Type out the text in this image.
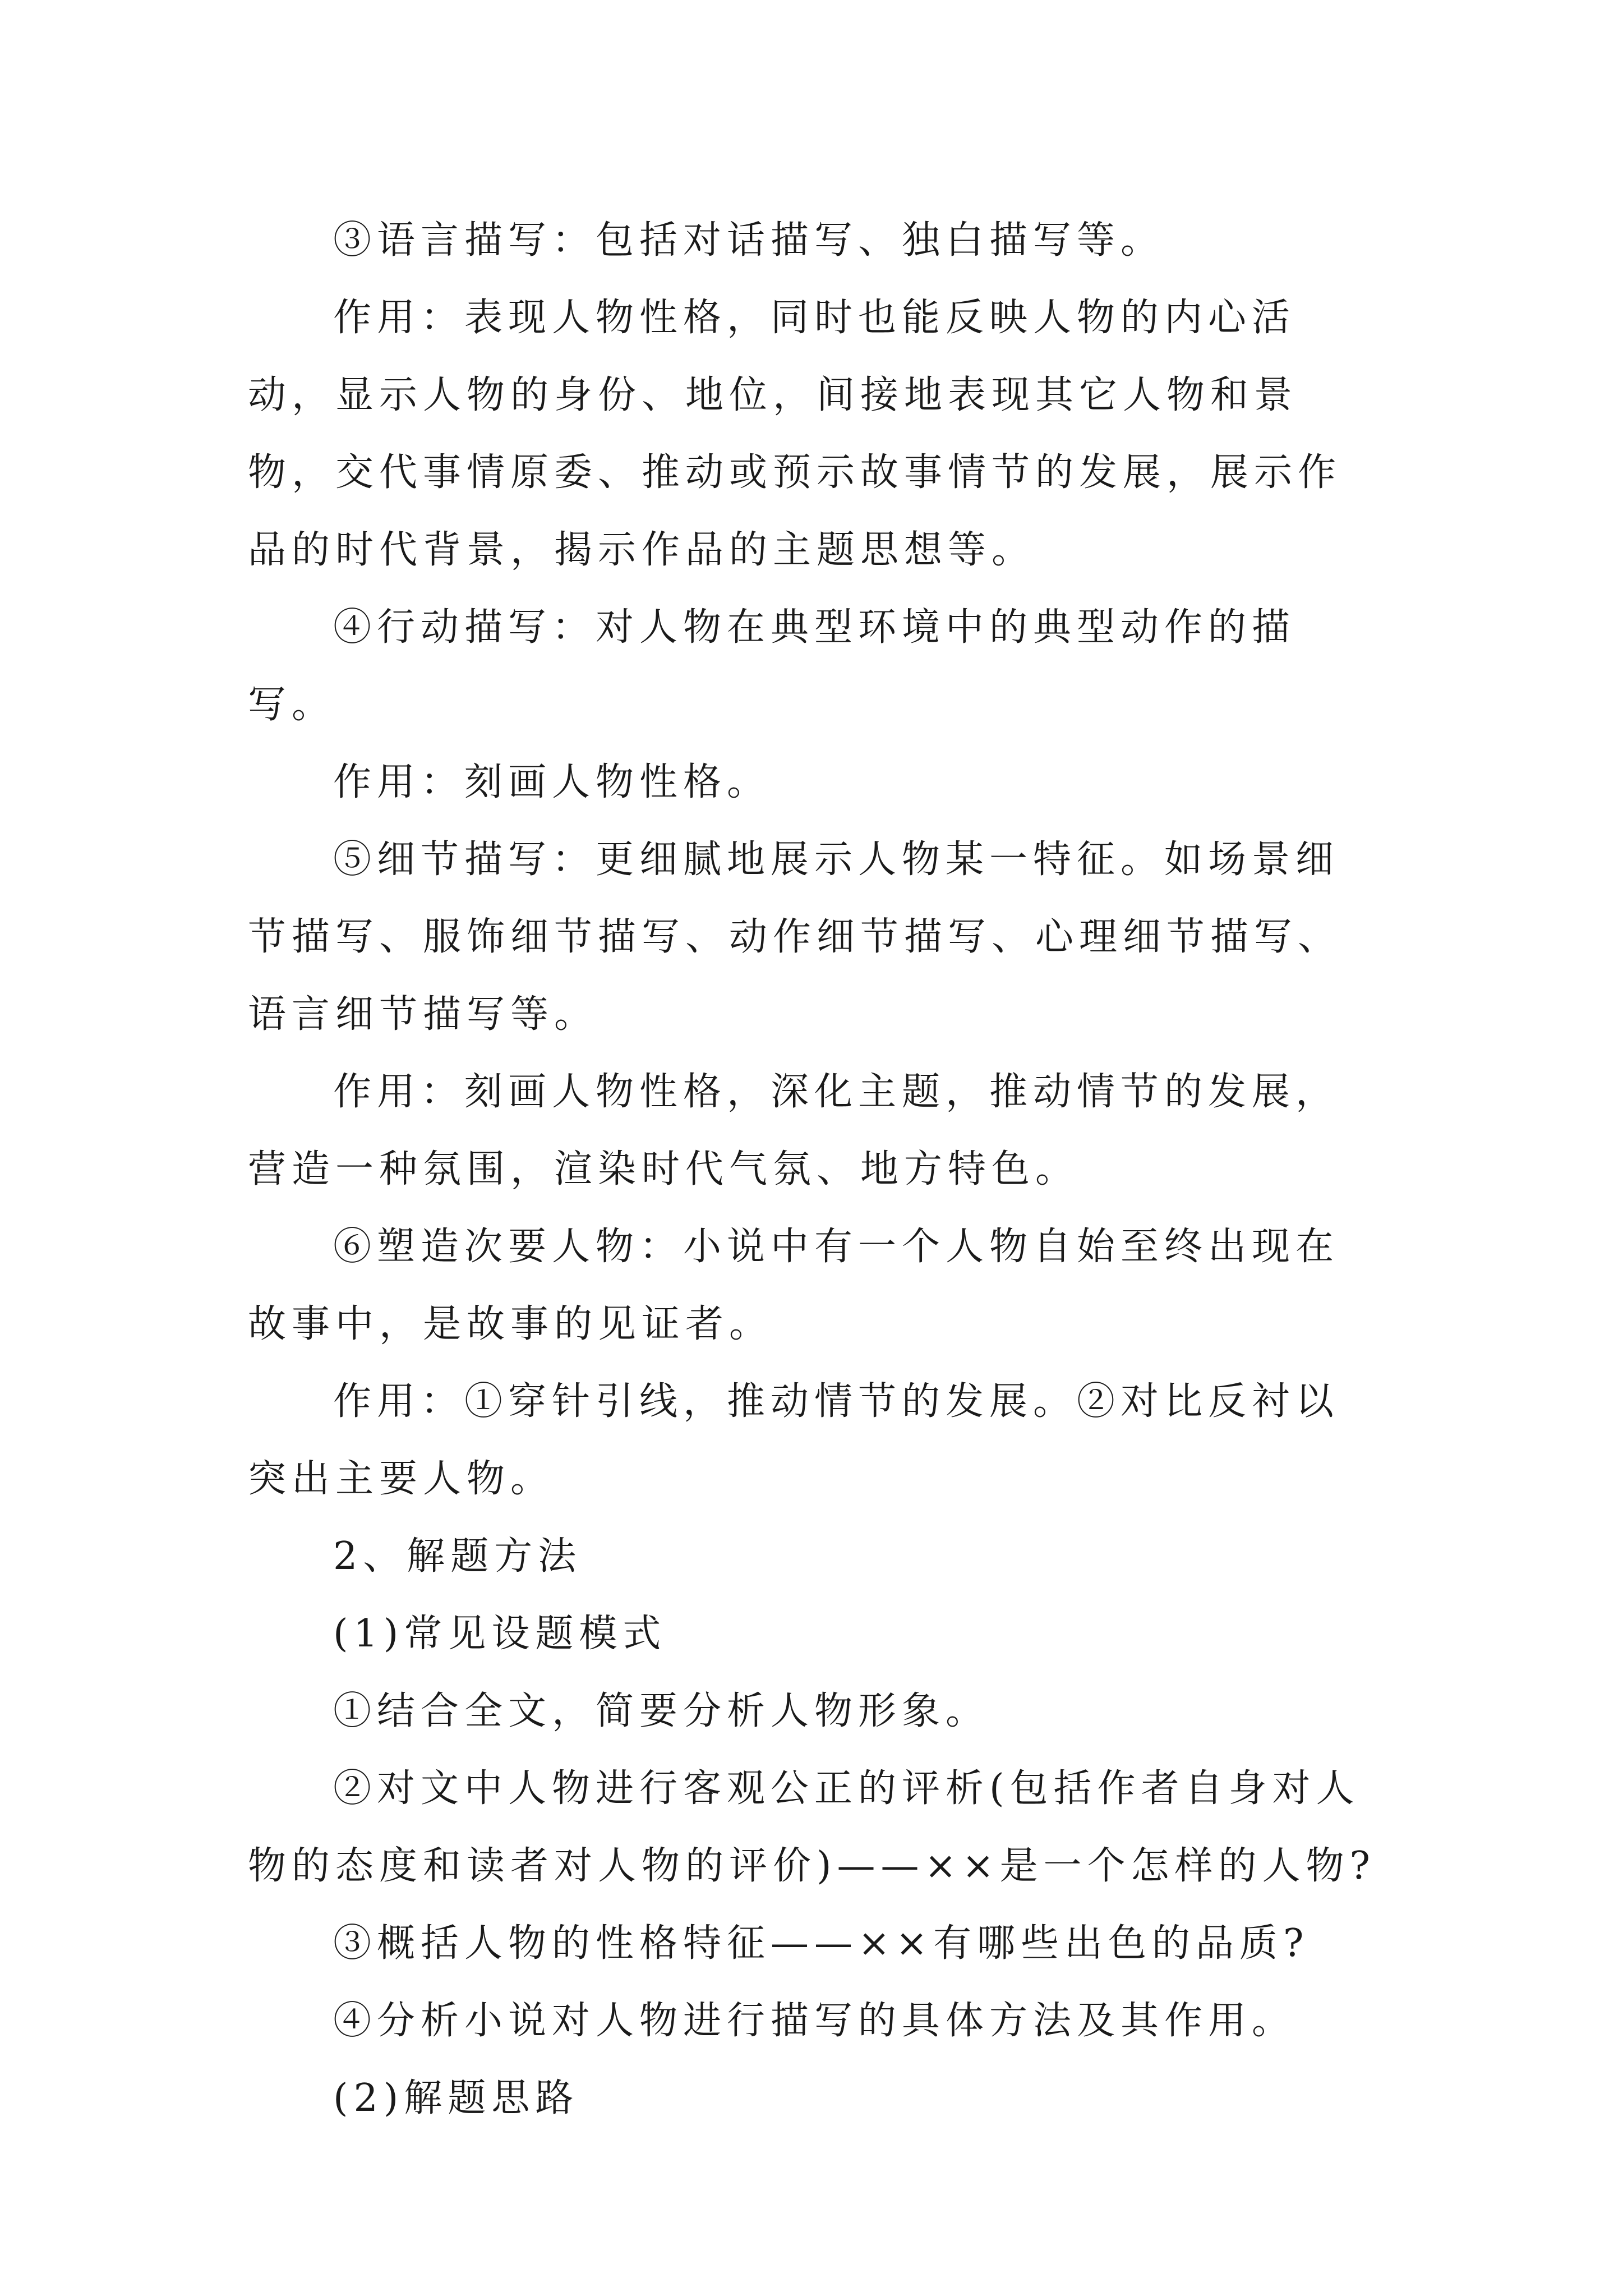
③语言描写：包括对话描写、独白描写等。

作用：表现人物性格，同时也能反映人物的内心活动，显示人物的身份、地位，间接地表现其它人物和景物，交代事情原委、推动或预示故事情节的发展，展示作品的时代背景，揭示作品的主题思想等。

④行动描写：对人物在典型环境中的典型动作的描写。

作用：刻画人物性格。

⑤细节描写：更细腻地展示人物某一特征。如场景细节描写、服饰细节描写、动作细节描写、心理细节描写、语言细节描写等。

作用：刻画人物性格，深化主题，推动情节的发展，营造一种氛围，渲染时代气氛、地方特色。

⑥塑造次要人物：小说中有一个人物自始至终出现在故事中，是故事的见证者。

作用：①穿针引线，推动情节的发展。②对比反衬以突出主要人物。

2、解题方法

(1)常见设题模式

①结合全文，简要分析人物形象。

②对文中人物进行客观公正的评析(包括作者自身对人物的态度和读者对人物的评价)——××是一个怎样的人物?

③概括人物的性格特征——××有哪些出色的品质?

④分析小说对人物进行描写的具体方法及其作用。

(2)解题思路
